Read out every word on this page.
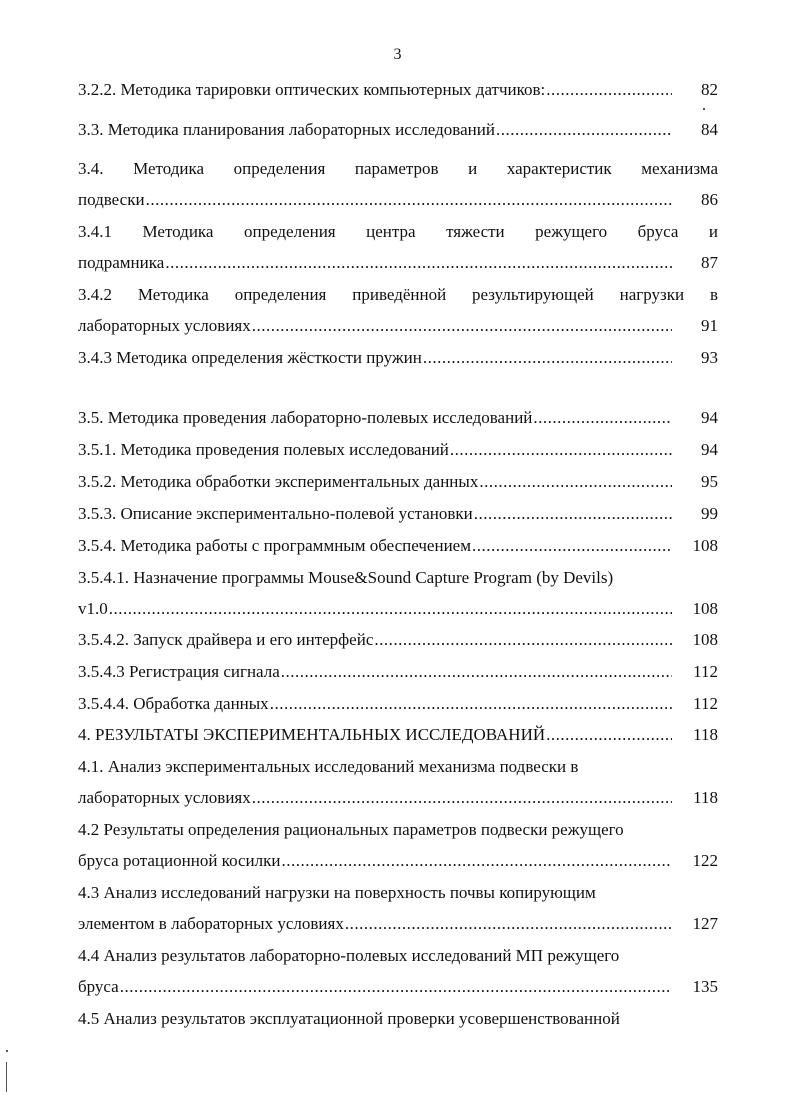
3
3.2.2. Методика тарировки оптических компьютерных датчиков: .....	82
3.3. Методика планирования лабораторных исследований .....	84
3.4. Методика определения параметров и характеристик механизма
подвески .....	86
3.4.1 Методика определения центра тяжести режущего бруса и
подрамника .....	87
3.4.2 Методика определения приведённой результирующей нагрузки в
лабораторных условиях .....	91
3.4.3 Методика определения жёсткости пружин .....	93
3.5. Методика проведения лабораторно-полевых исследований .....	94
3.5.1. Методика проведения полевых исследований .....	94
3.5.2. Методика обработки экспериментальных данных .....	95
3.5.3. Описание экспериментально-полевой установки .....	99
3.5.4. Методика работы с программным обеспечением .....	108
3.5.4.1. Назначение программы Mouse&Sound Capture Program (by Devils)
v1.0 .....	108
3.5.4.2. Запуск драйвера и его интерфейс .....	108
3.5.4.3 Регистрация сигнала .....	112
3.5.4.4. Обработка данных .....	112
4. РЕЗУЛЬТАТЫ ЭКСПЕРИМЕНТАЛЬНЫХ ИССЛЕДОВАНИЙ .....	118
4.1. Анализ экспериментальных исследований механизма подвески в
лабораторных условиях .....	118
4.2 Результаты определения рациональных параметров подвески режущего
бруса ротационной косилки .....	122
4.3 Анализ исследований нагрузки на поверхность почвы копирующим
элементом в лабораторных условиях .....	127
4.4 Анализ результатов лабораторно-полевых исследований МП режущего
бруса .....	135
4.5 Анализ результатов эксплуатационной проверки усовершенствованной
